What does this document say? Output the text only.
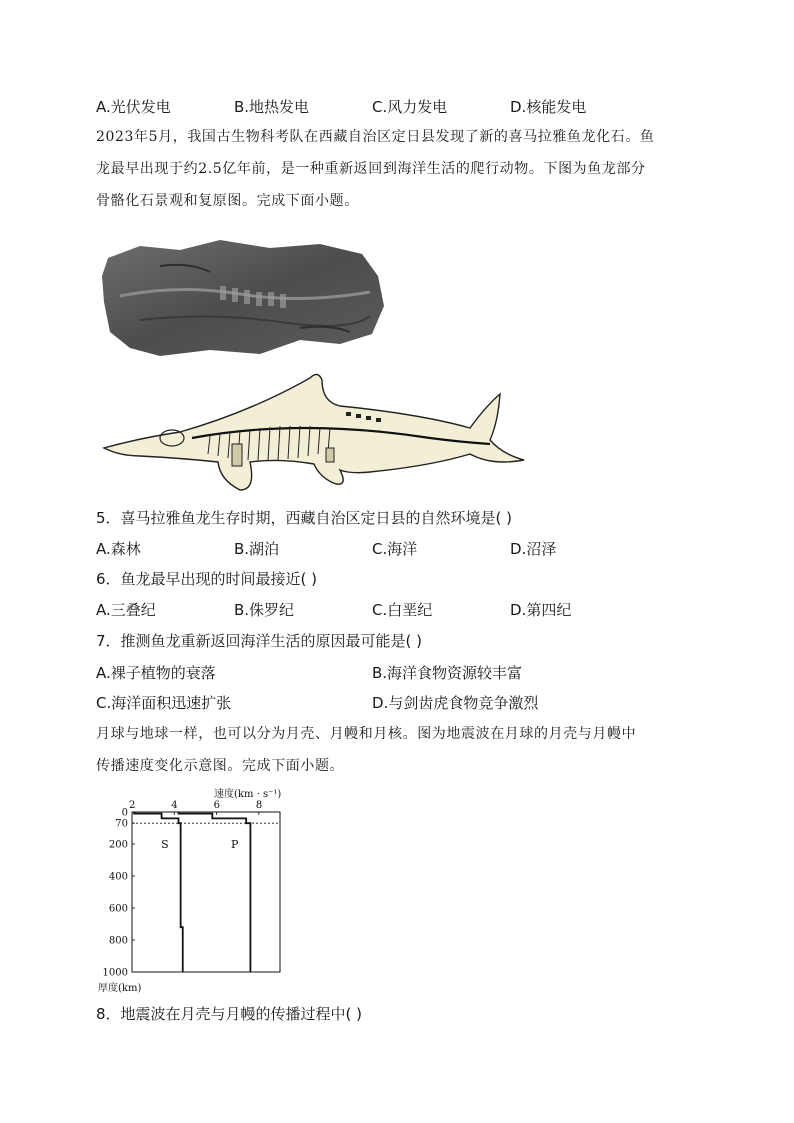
A.光伏发电	B.地热发电	C.风力发电	D.核能发电
2023年5月，我国古生物科考队在西藏自治区定日县发现了新的喜马拉雅鱼龙化石。鱼
龙最早出现于约2.5亿年前，是一种重新返回到海洋生活的爬行动物。下图为鱼龙部分
骨骼化石景观和复原图。完成下面小题。
5．喜马拉雅鱼龙生存时期，西藏自治区定日县的自然环境是( )
A.森林	B.湖泊	C.海洋	D.沼泽
6．鱼龙最早出现的时间最接近( )
A.三叠纪	B.侏罗纪	C.白垩纪	D.第四纪
7．推测鱼龙重新返回海洋生活的原因最可能是( )
A.裸子植物的衰落	B.海洋食物资源较丰富
C.海洋面积迅速扩张	D.与剑齿虎食物竞争激烈
月球与地球一样，也可以分为月壳、月幔和月核。图为地震波在月球的月壳与月幔中
传播速度变化示意图。完成下面小题。
速度(km · s⁻¹)
厚度(km)
2	4	6	8
0
70
200
400
600
800
1000
S	P
8．地震波在月壳与月幔的传播过程中( )
